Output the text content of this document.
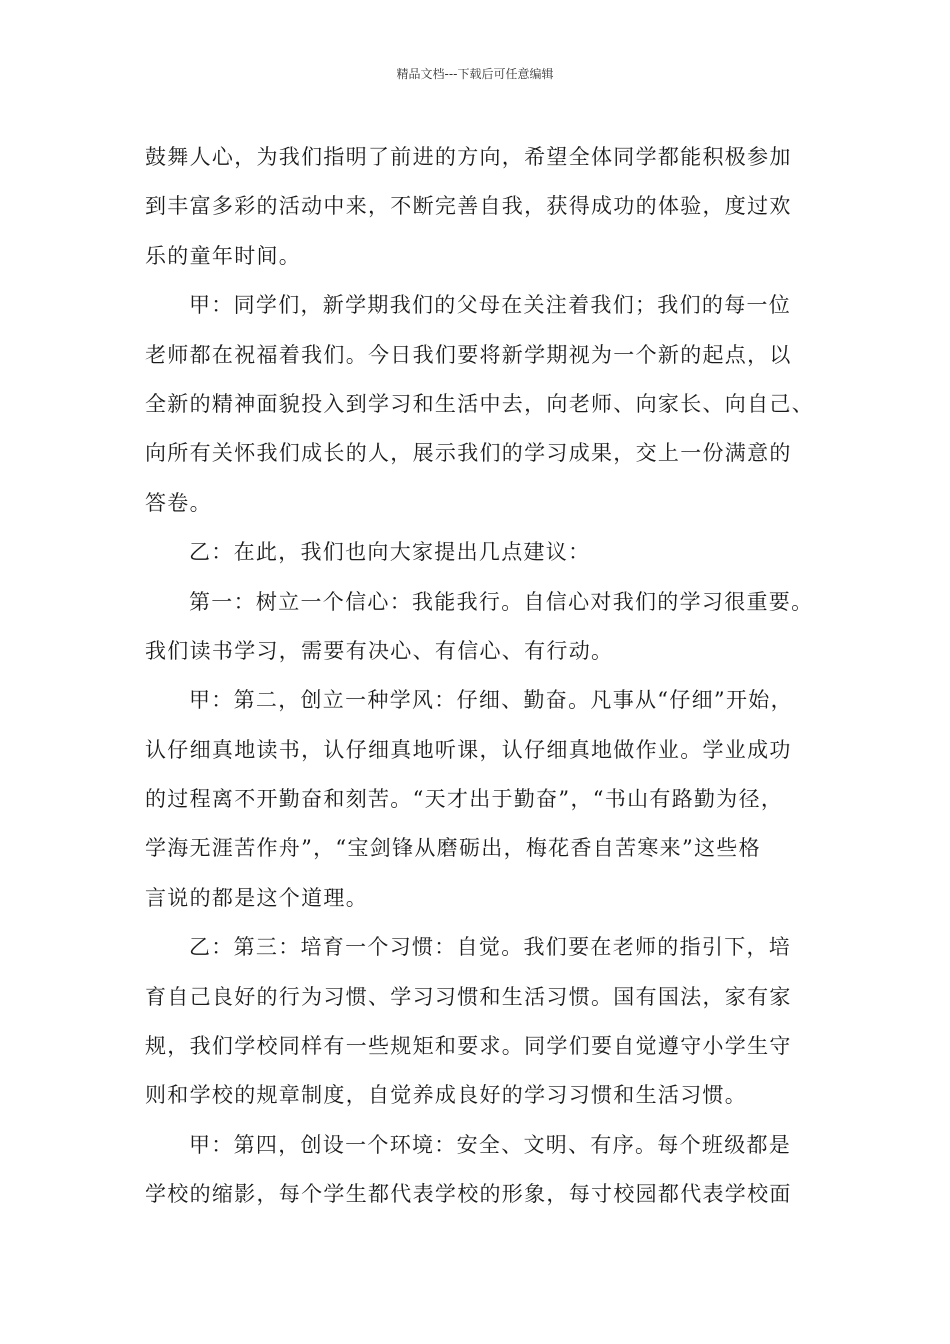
精品文档---下载后可任意编辑
鼓舞人心，为我们指明了前进的方向，希望全体同学都能积极参加
到丰富多彩的活动中来，不断完善自我，获得成功的体验，度过欢
乐的童年时间。
甲：同学们，新学期我们的父母在关注着我们；我们的每一位
老师都在祝福着我们。今日我们要将新学期视为一个新的起点，以
全新的精神面貌投入到学习和生活中去，向老师、向家长、向自己、
向所有关怀我们成长的人，展示我们的学习成果，交上一份满意的
答卷。
乙：在此，我们也向大家提出几点建议：
第一：树立一个信心：我能我行。自信心对我们的学习很重要。
我们读书学习，需要有决心、有信心、有行动。
甲：第二，创立一种学风：仔细、勤奋。凡事从“仔细”开始，
认仔细真地读书，认仔细真地听课，认仔细真地做作业。学业成功
的过程离不开勤奋和刻苦。“天才出于勤奋”，“书山有路勤为径，
学海无涯苦作舟”，“宝剑锋从磨砺出，梅花香自苦寒来”这些格
言说的都是这个道理。
乙：第三：培育一个习惯：自觉。我们要在老师的指引下，培
育自己良好的行为习惯、学习习惯和生活习惯。国有国法，家有家
规，我们学校同样有一些规矩和要求。同学们要自觉遵守小学生守
则和学校的规章制度，自觉养成良好的学习习惯和生活习惯。
甲：第四，创设一个环境：安全、文明、有序。每个班级都是
学校的缩影，每个学生都代表学校的形象，每寸校园都代表学校面
